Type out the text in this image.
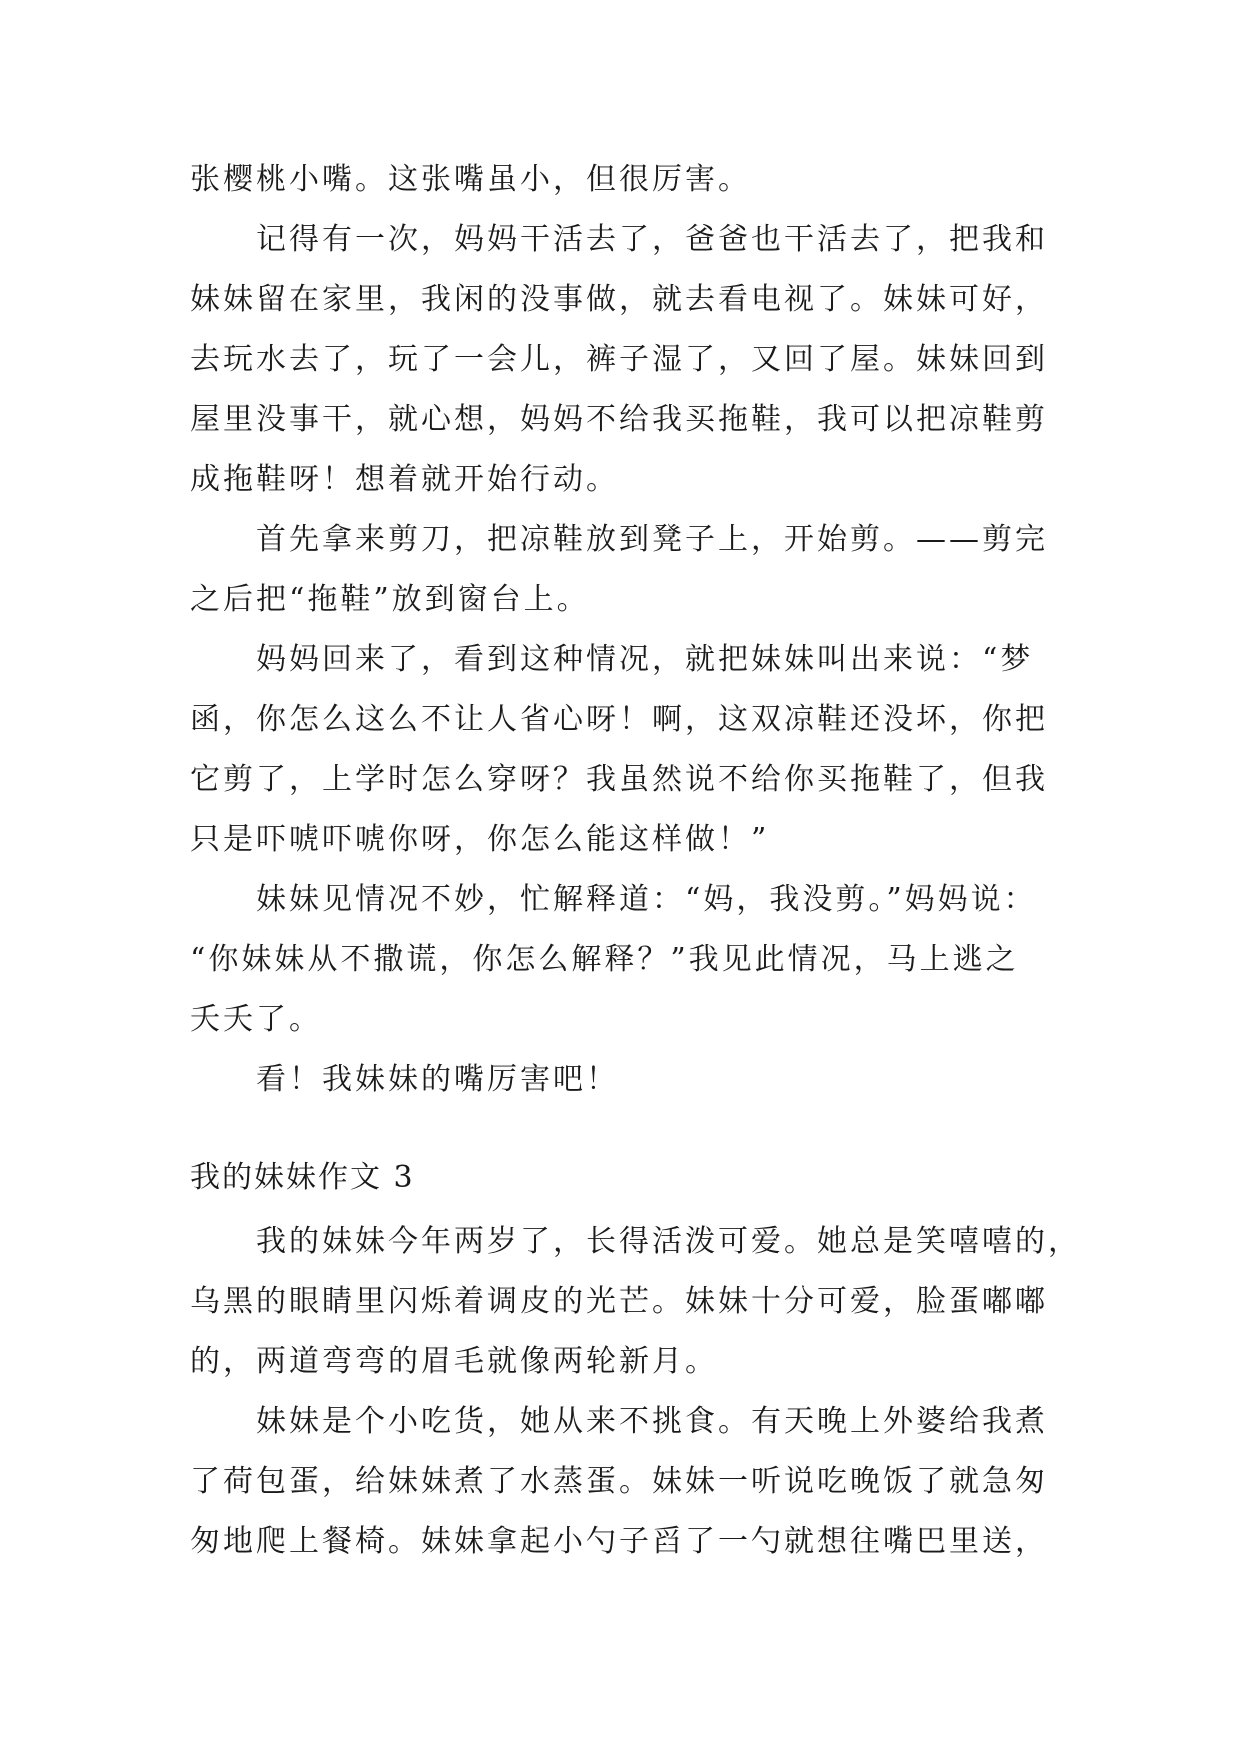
张樱桃小嘴。这张嘴虽小，但很厉害。
记得有一次，妈妈干活去了，爸爸也干活去了，把我和
妹妹留在家里，我闲的没事做，就去看电视了。妹妹可好，
去玩水去了，玩了一会儿，裤子湿了，又回了屋。妹妹回到
屋里没事干，就心想，妈妈不给我买拖鞋，我可以把凉鞋剪
成拖鞋呀！想着就开始行动。
首先拿来剪刀，把凉鞋放到凳子上，开始剪。——剪完
之后把“拖鞋”放到窗台上。
妈妈回来了，看到这种情况，就把妹妹叫出来说：“梦
函，你怎么这么不让人省心呀！啊，这双凉鞋还没坏，你把
它剪了，上学时怎么穿呀？我虽然说不给你买拖鞋了，但我
只是吓唬吓唬你呀，你怎么能这样做！”
妹妹见情况不妙，忙解释道：“妈，我没剪。”妈妈说：
“你妹妹从不撒谎，你怎么解释？”我见此情况，马上逃之
夭夭了。
看！我妹妹的嘴厉害吧！
我的妹妹作文 3
我的妹妹今年两岁了，长得活泼可爱。她总是笑嘻嘻的，
乌黑的眼睛里闪烁着调皮的光芒。妹妹十分可爱，脸蛋嘟嘟
的，两道弯弯的眉毛就像两轮新月。
妹妹是个小吃货，她从来不挑食。有天晚上外婆给我煮
了荷包蛋，给妹妹煮了水蒸蛋。妹妹一听说吃晚饭了就急匆
匆地爬上餐椅。妹妹拿起小勺子舀了一勺就想往嘴巴里送，
